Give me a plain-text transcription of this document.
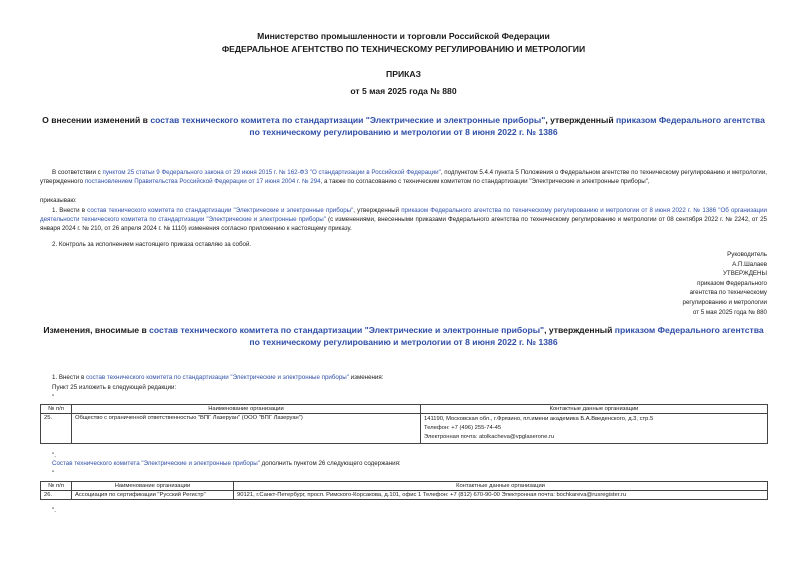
Министерство промышленности и торговли Российской Федерации
ФЕДЕРАЛЬНОЕ АГЕНТСТВО ПО ТЕХНИЧЕСКОМУ РЕГУЛИРОВАНИЮ И МЕТРОЛОГИИ
ПРИКАЗ
от 5 мая 2025 года № 880
О внесении изменений в состав технического комитета по стандартизации "Электрические и электронные приборы", утвержденный приказом Федерального агентства по техническому регулированию и метрологии от 8 июня 2022 г. № 1386
В соответствии с пунктом 25 статьи 9 Федерального закона от 29 июня 2015 г. № 162-ФЗ "О стандартизации в Российской Федерации", подпунктом 5.4.4 пункта 5 Положения о Федеральном агентстве по техническому регулированию и метрологии, утвержденного постановлением Правительства Российской Федерации от 17 июня 2004 г. № 294, а также по согласованию с техническим комитетом по стандартизации "Электрические и электронные приборы",
приказываю:
1. Внести в состав технического комитета по стандартизации "Электрические и электронные приборы", утвержденный приказом Федерального агентства по техническому регулированию и метрологии от 8 июня 2022 г. № 1386 "Об организации деятельности технического комитета по стандартизации "Электрические и электронные приборы" (с изменениями, внесенными приказами Федерального агентства по техническому регулированию и метрологии от 08 сентября 2022 г. № 2242, от 25 января 2024 г. № 210, от 26 апреля 2024 г. № 1110) изменения согласно приложению к настоящему приказу.
2. Контроль за исполнением настоящего приказа оставляю за собой.
Руководитель
А.П.Шалаев
УТВЕРЖДЕНЫ
приказом Федерального
агентства по техническому
регулированию и метрологии
от 5 мая 2025 года № 880
Изменения, вносимые в состав технического комитета по стандартизации "Электрические и электронные приборы", утвержденный приказом Федерального агентства по техническому регулированию и метрологии от 8 июня 2022 г. № 1386
1. Внести в состав технического комитета по стандартизации "Электрические и электронные приборы" изменения:
Пункт 25 изложить в следующей редакции:
"
№ п/п	Наименование организации	Контактные данные организации
25.	Общество с ограниченной ответственностью "ВПГ Лазеруан" (ООО "ВПГ Лазеруан")	141190, Московская обл., г.Фрязино, пл.имени академика Б.А.Введенского, д.3, стр.5
Телефон: +7 (496) 255-74-45
Электронная почта: atolkacheva@vpglaserone.ru
".
Состав технического комитета "Электрические и электронные приборы" дополнить пунктом 26 следующего содержания:
"
№ п/п	Наименование организации	Контактные данные организации
26.	Ассоциация по сертификации "Русский Регистр"	90121, г.Санкт-Петербург, просп. Римского-Корсакова, д.101, офис 1 Телефон: +7 (812) 670-90-00 Электронная почта: bochkareva@rusregister.ru
".
